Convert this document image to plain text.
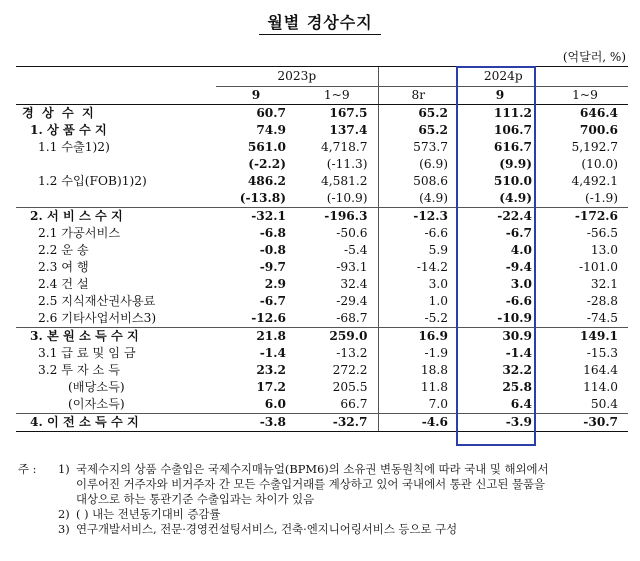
월별 경상수지
(억달러, %)
	2023p		2024p		
	9	1~9	8r	9	1~9
경 상 수 지	60.7	167.5	65.2	111.2	646.4
1. 상 품 수 지	74.9	137.4	65.2	106.7	700.6
1.1 수출1)2)	561.0	4,718.7	573.7	616.7	5,192.7
	(-2.2)	(-11.3)	(6.9)	(9.9)	(10.0)
1.2 수입(FOB)1)2)	486.2	4,581.2	508.6	510.0	4,492.1
	(-13.8)	(-10.9)	(4.9)	(4.9)	(-1.9)
2. 서 비 스 수 지	-32.1	-196.3	-12.3	-22.4	-172.6
2.1 가공서비스	-6.8	-50.6	-6.6	-6.7	-56.5
2.2 운 송	-0.8	-5.4	5.9	4.0	13.0
2.3 여 행	-9.7	-93.1	-14.2	-9.4	-101.0
2.4 건 설	2.9	32.4	3.0	3.0	32.1
2.5 지식재산권사용료	-6.7	-29.4	1.0	-6.6	-28.8
2.6 기타사업서비스3)	-12.6	-68.7	-5.2	-10.9	-74.5
3. 본 원 소 득 수 지	21.8	259.0	16.9	30.9	149.1
3.1 급 료 및 임 금	-1.4	-13.2	-1.9	-1.4	-15.3
3.2 투 자 소 득	23.2	272.2	18.8	32.2	164.4
(배당소득)	17.2	205.5	11.8	25.8	114.0
(이자소득)	6.0	66.7	7.0	6.4	50.4
4. 이 전 소 득 수 지	-3.8	-32.7	-4.6	-3.9	-30.7
주 :	1) 국제수지의 상품 수출입은 국제수지매뉴얼(BPM6)의 소유권 변동원칙에 따라 국내 및 해외에서
이루어진 거주자와 비거주자 간 모든 수출입거래를 계상하고 있어 국내에서 통관 신고된 물품을
대상으로 하는 통관기준 수출입과는 차이가 있음
2) ( ) 내는 전년동기대비 증감률
3) 연구개발서비스, 전문·경영컨설팅서비스, 건축·엔지니어링서비스 등으로 구성
